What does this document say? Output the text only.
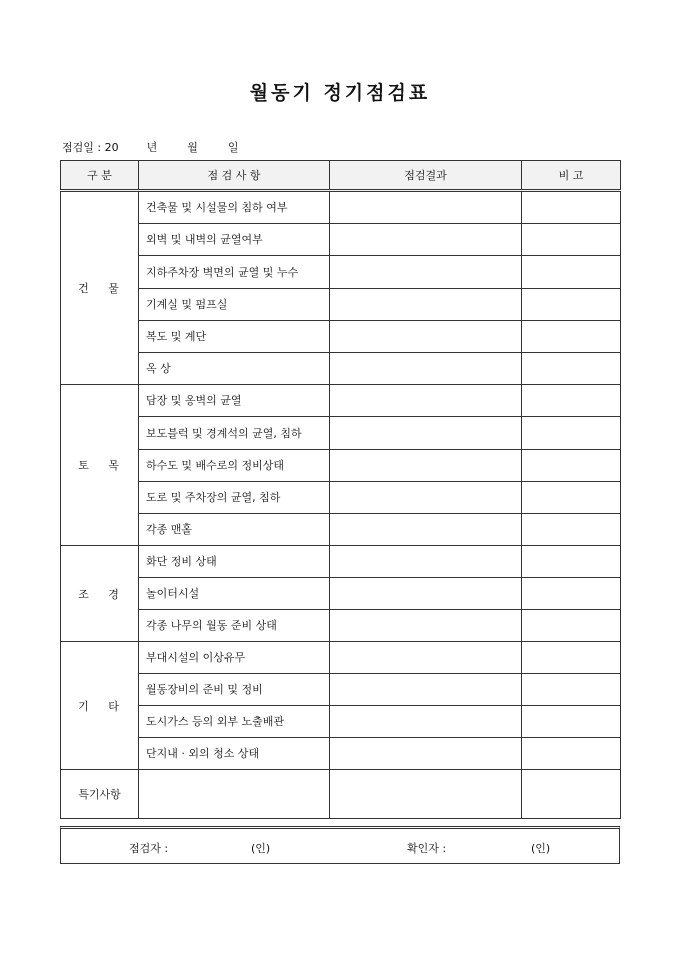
월동기 정기점검표
점검일 : 20	년	월	일
구 분	점 검 사 항	점검결과	비 고
건 물	건축물 및 시설물의 침하 여부		
	외벽 및 내벽의 균열여부		
	지하주차장 벽면의 균열 및 누수		
	기계실 및 펌프실		
	복도 및 계단		
	옥 상		
토 목	담장 및 옹벽의 균열		
	보도블럭 및 경계석의 균열, 침하		
	하수도 및 배수로의 정비상태		
	도로 및 주차장의 균열, 침하		
	각종 맨홀		
조 경	화단 정비 상태		
	놀이터시설		
	각종 나무의 월동 준비 상태		
기 타	부대시설의 이상유무		
	월동장비의 준비 및 정비		
	도시가스 등의 외부 노출배관		
	단지내 · 외의 청소 상태		
특기사항			
점검자 :	(인)	확인자 :	(인)
